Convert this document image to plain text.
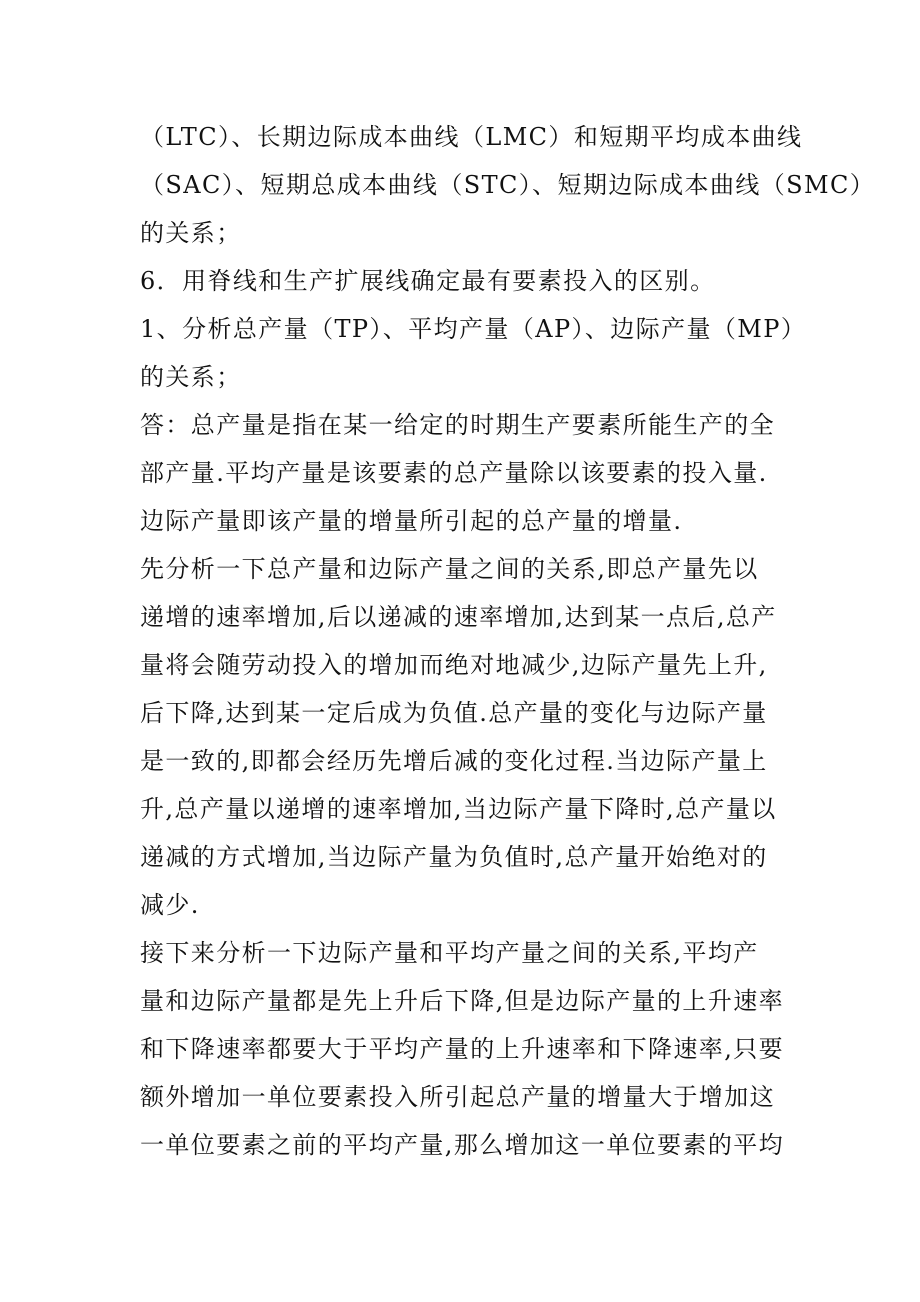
（LTC）、长期边际成本曲线（LMC）和短期平均成本曲线
（SAC）、短期总成本曲线（STC）、短期边际成本曲线（SMC）
的关系；
6．用脊线和生产扩展线确定最有要素投入的区别。
1、分析总产量（TP）、平均产量（AP）、边际产量（MP）
的关系；
答：总产量是指在某一给定的时期生产要素所能生产的全
部产量.平均产量是该要素的总产量除以该要素的投入量.
边际产量即该产量的增量所引起的总产量的增量.
先分析一下总产量和边际产量之间的关系,即总产量先以
递增的速率增加,后以递减的速率增加,达到某一点后,总产
量将会随劳动投入的增加而绝对地减少,边际产量先上升,
后下降,达到某一定后成为负值.总产量的变化与边际产量
是一致的,即都会经历先增后减的变化过程.当边际产量上
升,总产量以递增的速率增加,当边际产量下降时,总产量以
递减的方式增加,当边际产量为负值时,总产量开始绝对的
减少.
接下来分析一下边际产量和平均产量之间的关系,平均产
量和边际产量都是先上升后下降,但是边际产量的上升速率
和下降速率都要大于平均产量的上升速率和下降速率,只要
额外增加一单位要素投入所引起总产量的增量大于增加这
一单位要素之前的平均产量,那么增加这一单位要素的平均
